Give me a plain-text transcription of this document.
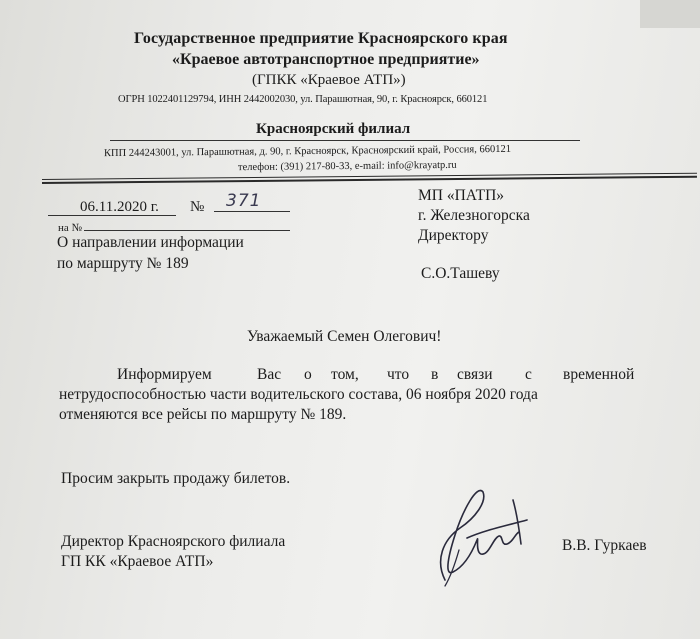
Государственное предприятие Красноярского края
«Краевое автотранспортное предприятие»
(ГПКК «Краевое АТП»)
ОГРН 1022401129794, ИНН 2442002030, ул. Парашютная, 90, г. Красноярск, 660121
Красноярский филиал
КПП 244243001, ул. Парашютная, д. 90, г. Красноярск, Красноярский край, Россия, 660121
телефон: (391) 217-80-33, e-mail: info@krayatp.ru
06.11.2020 г. № 371
на №
О направлении информации
по маршруту № 189
МП «ПАТП»
г. Железногорска
Директору
С.О.Ташеву
Уважаемый Семен Олегович!
Информируем	Вас о том, что в связи с временной
нетрудоспособностью части водительского состава, 06 ноября 2020 года
отменяются все рейсы по маршруту № 189.
Просим закрыть продажу билетов.
Директор Красноярского филиала
ГП КК «Краевое АТП»
В.В. Гуркаев
